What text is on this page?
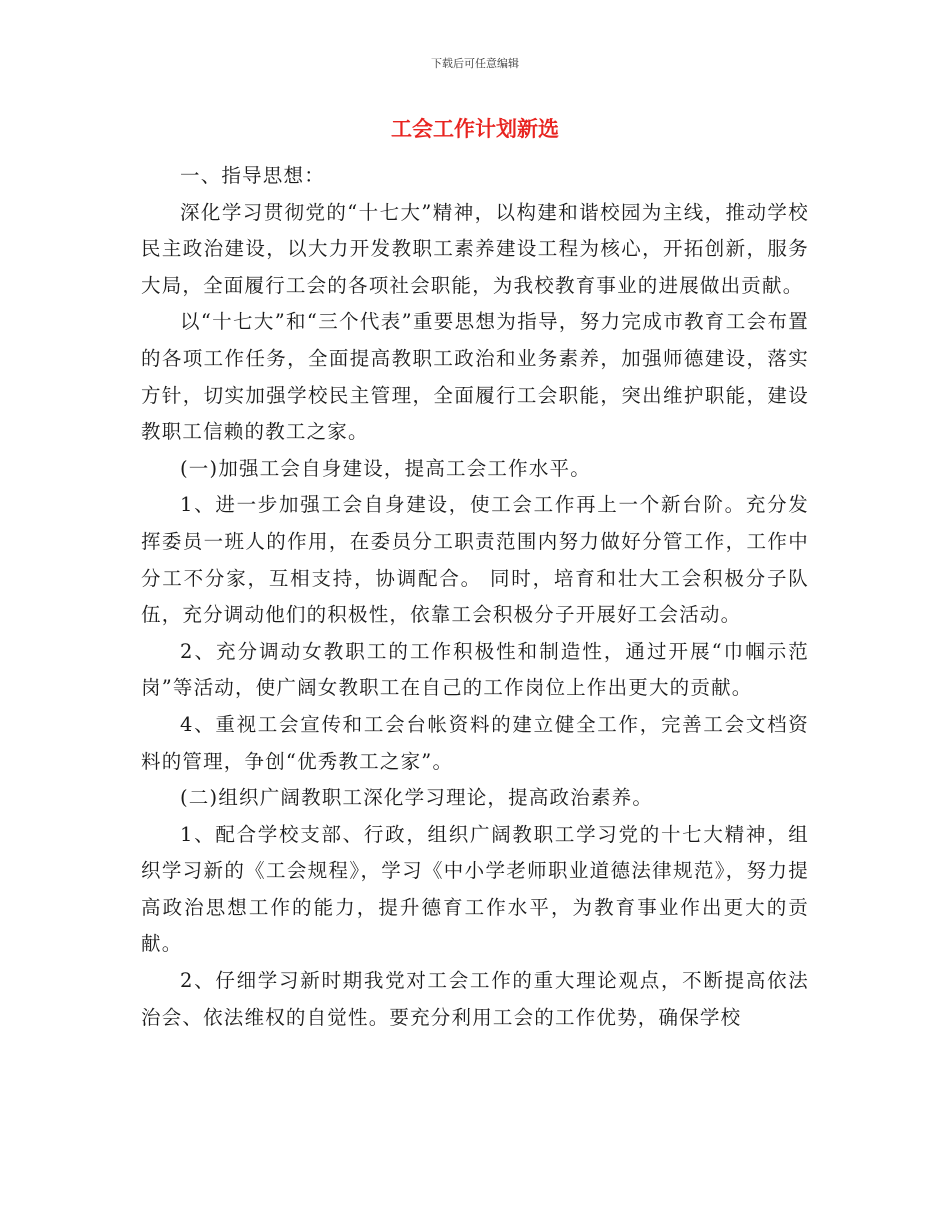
下载后可任意编辑
工会工作计划新选

一、指导思想：

深化学习贯彻党的“十七大”精神，以构建和谐校园为主线，推动学校民主政治建设，以大力开发教职工素养建设工程为核心，开拓创新，服务大局，全面履行工会的各项社会职能，为我校教育事业的进展做出贡献。

以“十七大”和“三个代表”重要思想为指导，努力完成市教育工会布置的各项工作任务，全面提高教职工政治和业务素养，加强师德建设，落实方针，切实加强学校民主管理，全面履行工会职能，突出维护职能，建设教职工信赖的教工之家。

(一)加强工会自身建设，提高工会工作水平。

1、进一步加强工会自身建设，使工会工作再上一个新台阶。充分发挥委员一班人的作用，在委员分工职责范围内努力做好分管工作，工作中分工不分家，互相支持，协调配合。 同时，培育和壮大工会积极分子队伍，充分调动他们的积极性，依靠工会积极分子开展好工会活动。

2、充分调动女教职工的工作积极性和制造性，通过开展“巾帼示范岗”等活动，使广阔女教职工在自己的工作岗位上作出更大的贡献。

4、重视工会宣传和工会台帐资料的建立健全工作，完善工会文档资料的管理，争创“优秀教工之家”。

(二)组织广阔教职工深化学习理论，提高政治素养。

1、配合学校支部、行政，组织广阔教职工学习党的十七大精神，组织学习新的《工会规程》，学习《中小学老师职业道德法律规范》，努力提高政治思想工作的能力，提升德育工作水平，为教育事业作出更大的贡献。

2、仔细学习新时期我党对工会工作的重大理论观点，不断提高依法治会、依法维权的自觉性。要充分利用工会的工作优势，确保学校
